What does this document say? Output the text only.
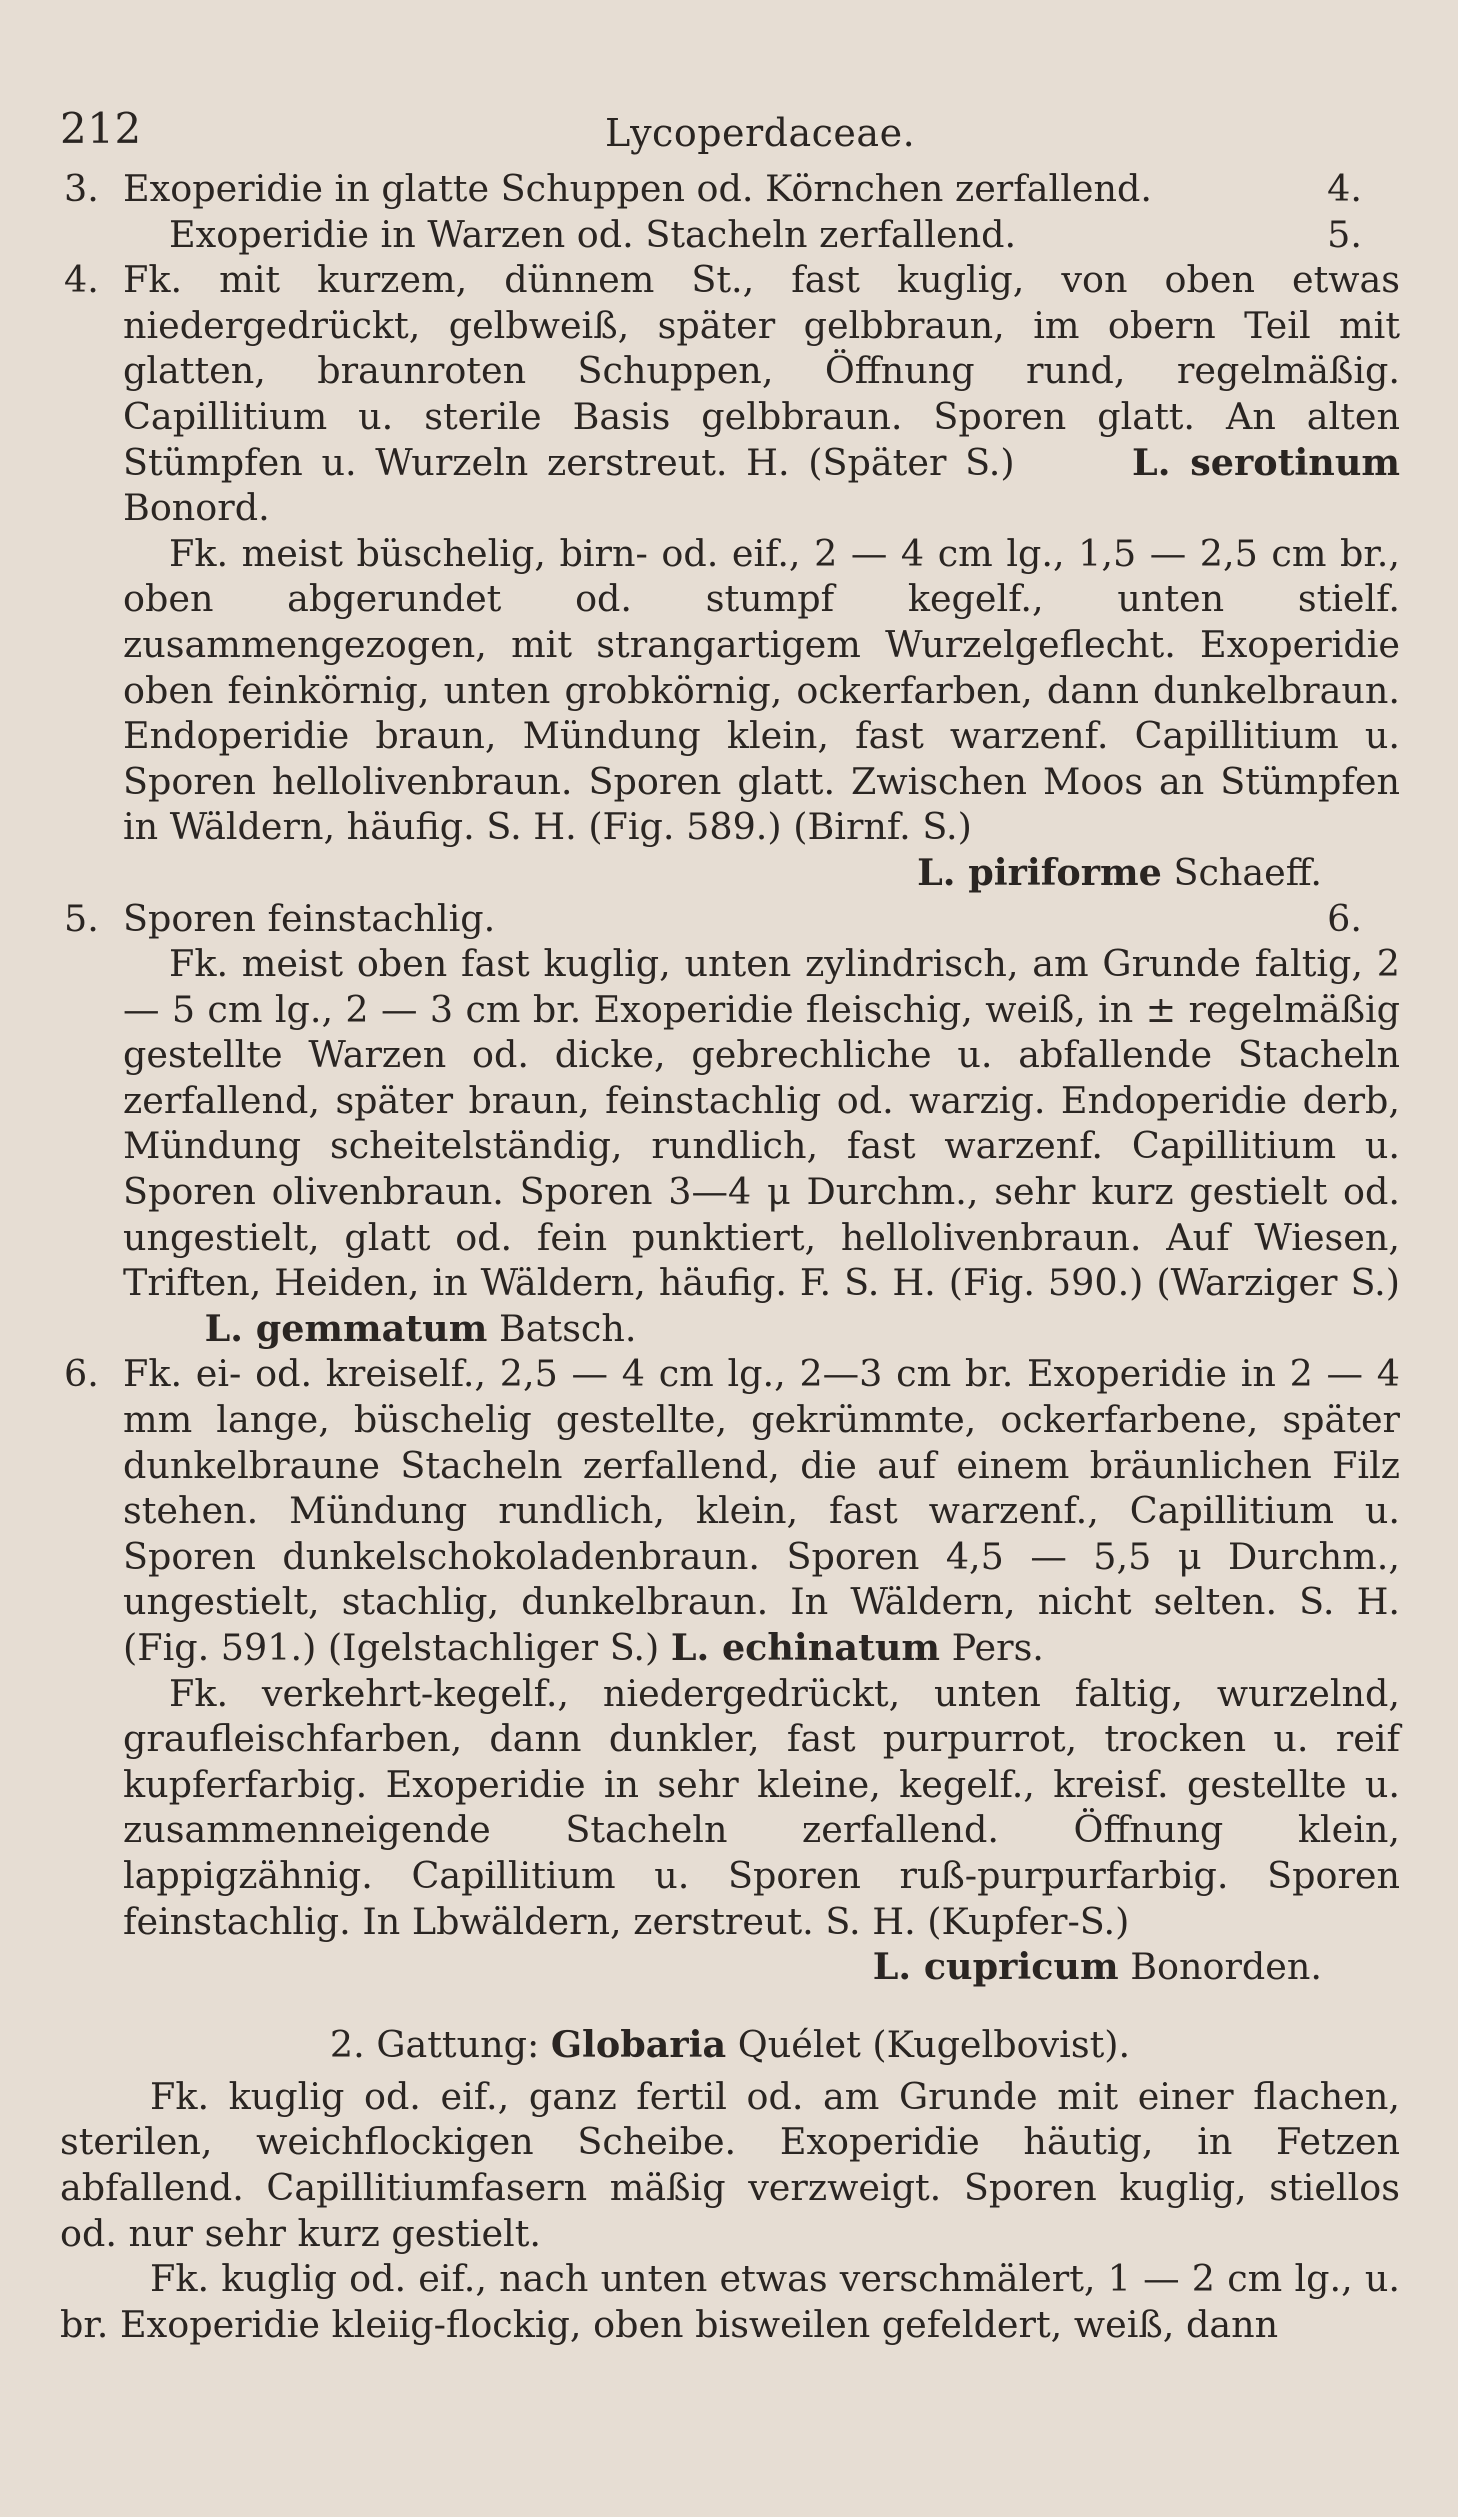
212	Lycoperdaceae.
3. Exoperidie in glatte Schuppen od. Körnchen zerfallend.	4.
Exoperidie in Warzen od. Stacheln zerfallend.	5.
4. Fk. mit kurzem, dünnem St., fast kuglig, von oben etwas niedergedrückt, gelbweiß, später gelbbraun, im obern Teil mit glatten, braunroten Schuppen, Öffnung rund, regelmäßig. Capillitium u. sterile Basis gelbbraun. Sporen glatt. An alten Stümpfen u. Wurzeln zerstreut. H. (Später S.)	L. serotinum Bonord.
Fk. meist büschelig, birn- od. eif., 2 — 4 cm lg., 1,5 — 2,5 cm br., oben abgerundet od. stumpf kegelf., unten stielf. zusammengezogen, mit strangartigem Wurzelgeflecht. Exoperidie oben feinkörnig, unten grobkörnig, ockerfarben, dann dunkelbraun. Endoperidie braun, Mündung klein, fast warzenf. Capillitium u. Sporen hellolivenbraun. Sporen glatt. Zwischen Moos an Stümpfen in Wäldern, häufig. S. H. (Fig. 589.) (Birnf. S.)
L. piriforme Schaeff.
5. Sporen feinstachlig.	6.
Fk. meist oben fast kuglig, unten zylindrisch, am Grunde faltig, 2 — 5 cm lg., 2 — 3 cm br. Exoperidie fleischig, weiß, in ± regelmäßig gestellte Warzen od. dicke, gebrechliche u. abfallende Stacheln zerfallend, später braun, feinstachlig od. warzig. Endoperidie derb, Mündung scheitelständig, rundlich, fast warzenf. Capillitium u. Sporen olivenbraun. Sporen 3—4 μ Durchm., sehr kurz gestielt od. ungestielt, glatt od. fein punktiert, hellolivenbraun. Auf Wiesen, Triften, Heiden, in Wäldern, häufig. F. S. H. (Fig. 590.) (Warziger S.)  L. gemmatum Batsch.
6. Fk. ei- od. kreiself., 2,5 — 4 cm lg., 2—3 cm br. Exoperidie in 2 — 4 mm lange, büschelig gestellte, gekrümmte, ockerfarbene, später dunkelbraune Stacheln zerfallend, die auf einem bräunlichen Filz stehen. Mündung rundlich, klein, fast warzenf., Capillitium u. Sporen dunkelschokoladenbraun. Sporen 4,5 — 5,5 μ Durchm., ungestielt, stachlig, dunkelbraun. In Wäldern, nicht selten. S. H. (Fig. 591.) (Igelstachliger S.) L. echinatum Pers.
Fk. verkehrt-kegelf., niedergedrückt, unten faltig, wurzelnd, graufleischfarben, dann dunkler, fast purpurrot, trocken u. reif kupferfarbig. Exoperidie in sehr kleine, kegelf., kreisf. gestellte u. zusammenneigende Stacheln zerfallend. Öffnung klein, lappigzähnig. Capillitium u. Sporen ruß-purpurfarbig. Sporen feinstachlig. In Lbwäldern, zerstreut. S. H. (Kupfer-S.)
L. cupricum Bonorden.
2. Gattung: Globaria Quélet (Kugelbovist).
Fk. kuglig od. eif., ganz fertil od. am Grunde mit einer flachen, sterilen, weichflockigen Scheibe. Exoperidie häutig, in Fetzen abfallend. Capillitiumfasern mäßig verzweigt. Sporen kuglig, stiellos od. nur sehr kurz gestielt.
Fk. kuglig od. eif., nach unten etwas verschmälert, 1 — 2 cm lg., u. br. Exoperidie kleiig-flockig, oben bisweilen gefeldert, weiß, dann
